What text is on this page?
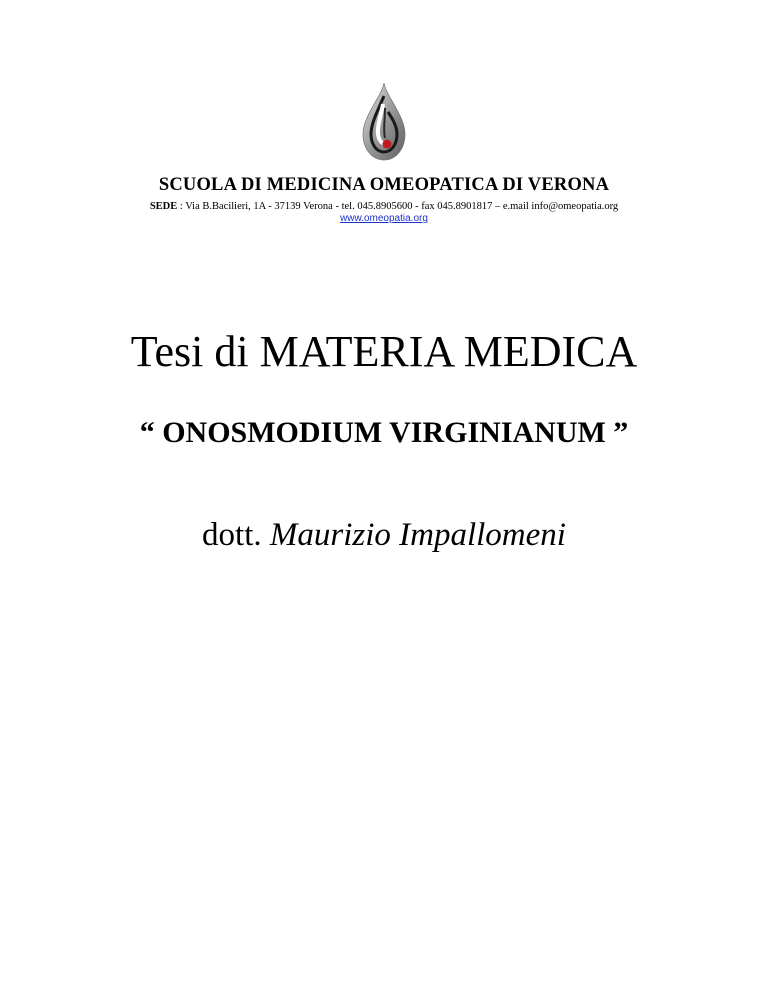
SCUOLA DI MEDICINA OMEOPATICA DI VERONA
SEDE : Via B.Bacilieri, 1A - 37139 Verona - tel. 045.8905600 - fax 045.8901817 – e.mail info@omeopatia.org
www.omeopatia.org
Tesi di MATERIA MEDICA
“ ONOSMODIUM VIRGINIANUM ”
dott. Maurizio Impallomeni
